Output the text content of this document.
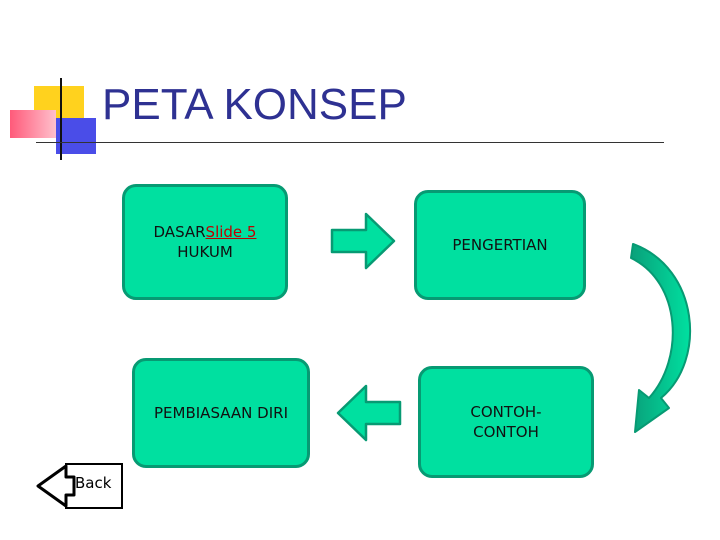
PETA KONSEP
DASARSlide 5
HUKUM	PENGERTIAN
PEMBIASAAN DIRI	CONTOH-
CONTOH
Back
